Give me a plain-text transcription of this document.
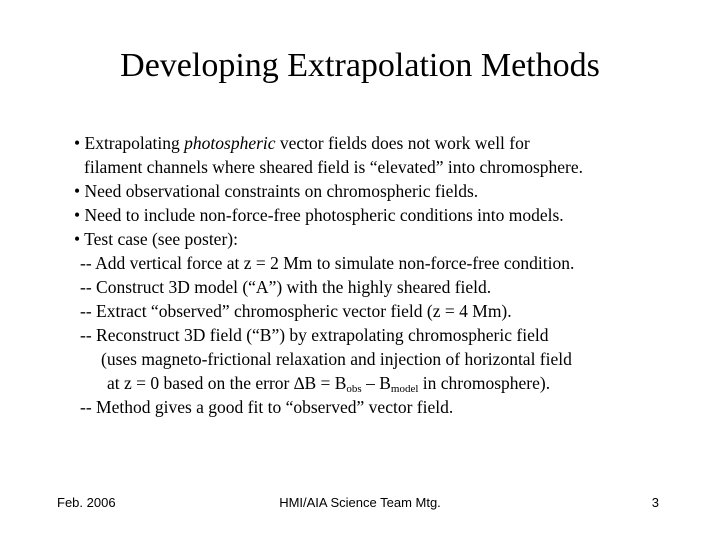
Developing Extrapolation Methods
• Extrapolating photospheric vector fields does not work well for
filament channels where sheared field is “elevated” into chromosphere.
• Need observational constraints on chromospheric fields.
• Need to include non-force-free photospheric conditions into models.
• Test case (see poster):
-- Add vertical force at z = 2 Mm to simulate non-force-free condition.
-- Construct 3D model (“A”) with the highly sheared field.
-- Extract “observed” chromospheric vector field (z = 4 Mm).
-- Reconstruct 3D field (“B”) by extrapolating chromospheric field
(uses magneto-frictional relaxation and injection of horizontal field
at z = 0 based on the error $\Delta B = B_{obs} - B_{model}$ in chromosphere).
-- Method gives a good fit to “observed” vector field.
Feb. 2006	HMI/AIA Science Team Mtg.	3
